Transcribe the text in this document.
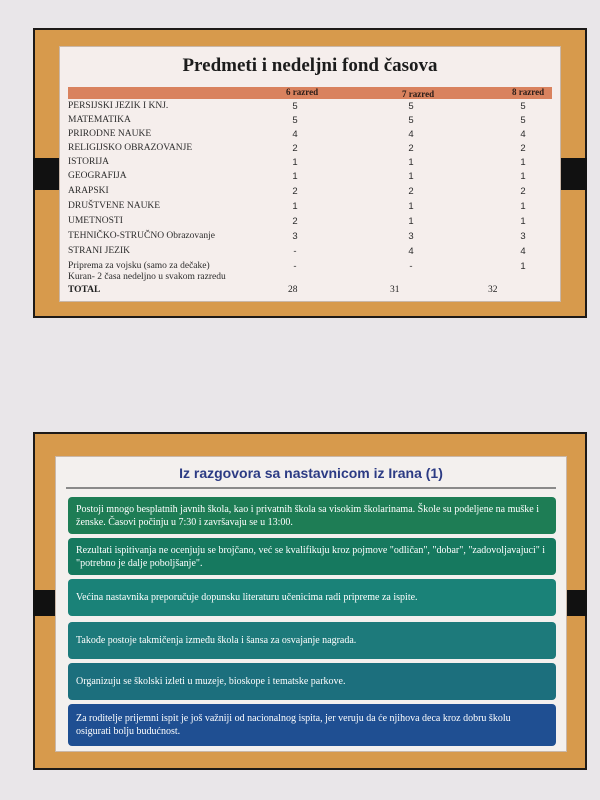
Predmeti i nedeljni fond časova
6 razred	7 razred	8 razred
PERSIJSKI JEZIK I KNJ.	5	5	5
MATEMATIKA	5	5	5
PRIRODNE NAUKE	4	4	4
RELIGIJSKO OBRAZOVANJE	2	2	2
ISTORIJA	1	1	1
GEOGRAFIJA	1	1	1
ARAPSKI	2	2	2
DRUŠTVENE NAUKE	1	1	1
UMETNOSTI	2	1	1
TEHNIČKO-STRUČNO Obrazovanje	3	3	3
STRANI JEZIK	-	4	4
Priprema za vojsku (samo za dečake)	-	-	1
Kuran- 2 časa nedeljno u svakom razredu
TOTAL	28	31	32
Iz razgovora sa nastavnicom iz Irana (1)
Postoji mnogo besplatnih javnih škola, kao i privatnih škola sa visokim školarinama. Škole su podeljene na muške i ženske. Časovi počinju u 7:30 i završavaju se u 13:00.
Rezultati ispitivanja ne ocenjuju se brojčano, već se kvalifikuju kroz pojmove "odličan", "dobar", "zadovoljavajuci" i "potrebno je dalje poboljšanje".
Većina nastavnika preporučuje dopunsku literaturu učenicima radi pripreme za ispite.
Takođe postoje takmičenja između škola i šansa za osvajanje nagrada.
Organizuju se školski izleti u muzeje, bioskope i tematske parkove.
Za roditelje prijemni ispit je još važniji od nacionalnog ispita, jer veruju da će njihova deca kroz dobru školu osigurati bolju budućnost.
